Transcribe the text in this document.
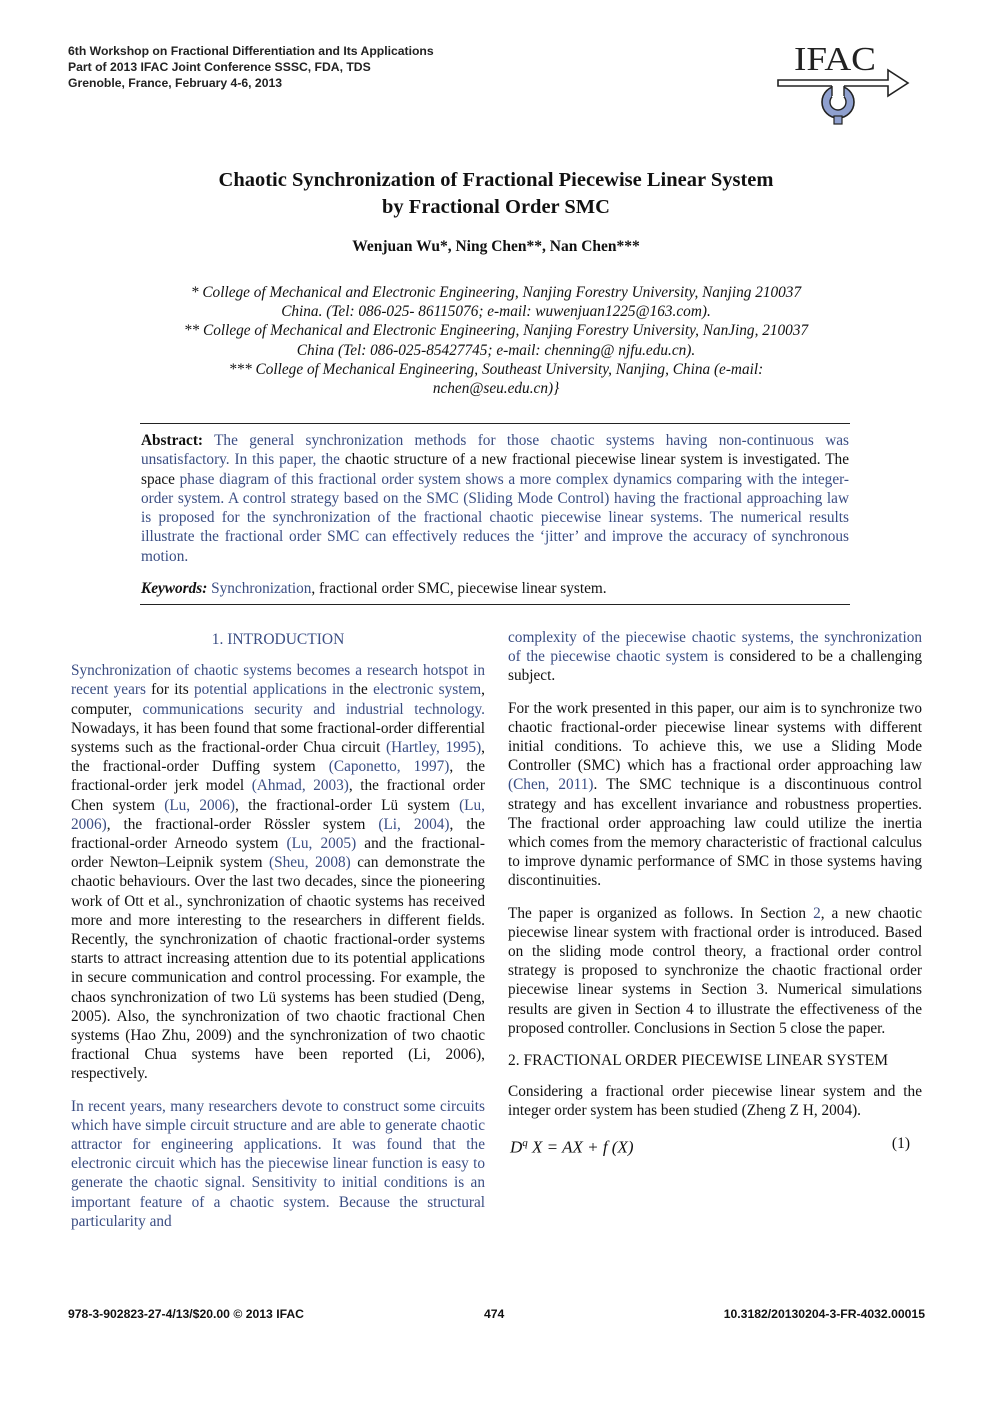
6th Workshop on Fractional Differentiation and Its Applications
Part of 2013 IFAC Joint Conference SSSC, FDA, TDS
Grenoble, France, February 4-6, 2013
IFAC
Chaotic Synchronization of Fractional Piecewise Linear System
by Fractional Order SMC
Wenjuan Wu*, Ning Chen**, Nan Chen***
* College of Mechanical and Electronic Engineering, Nanjing Forestry University, Nanjing 210037
China. (Tel: 086-025- 86115076; e-mail: wuwenjuan1225@163.com).
** College of Mechanical and Electronic Engineering, Nanjing Forestry University, NanJing, 210037
China (Tel: 086-025-85427745; e-mail: chenning@ njfu.edu.cn).
*** College of Mechanical Engineering, Southeast University, Nanjing, China (e-mail:
nchen@seu.edu.cn)}
Abstract: The general synchronization methods for those chaotic systems having non-continuous was unsatisfactory. In this paper, the chaotic structure of a new fractional piecewise linear system is investigated. The space phase diagram of this fractional order system shows a more complex dynamics comparing with the integer-order system. A control strategy based on the SMC (Sliding Mode Control) having the fractional approaching law is proposed for the synchronization of the fractional chaotic piecewise linear systems. The numerical results illustrate the fractional order SMC can effectively reduces the ‘jitter’ and improve the accuracy of synchronous motion.
Keywords: Synchronization, fractional order SMC, piecewise linear system.
1. INTRODUCTION

Synchronization of chaotic systems becomes a research hotspot in recent years for its potential applications in the electronic system, computer, communications security and industrial technology. Nowadays, it has been found that some fractional-order differential systems such as the fractional-order Chua circuit (Hartley, 1995), the fractional-order Duffing system (Caponetto, 1997), the fractional-order jerk model (Ahmad, 2003), the fractional order Chen system (Lu, 2006), the fractional-order Lü system (Lu, 2006), the fractional-order Rössler system (Li, 2004), the fractional-order Arneodo system (Lu, 2005) and the fractional-order Newton–Leipnik system (Sheu, 2008) can demonstrate the chaotic behaviours. Over the last two decades, since the pioneering work of Ott et al., synchronization of chaotic systems has received more and more interesting to the researchers in different fields. Recently, the synchronization of chaotic fractional-order systems starts to attract increasing attention due to its potential applications in secure communication and control processing. For example, the chaos synchronization of two Lü systems has been studied (Deng, 2005). Also, the synchronization of two chaotic fractional Chen systems (Hao Zhu, 2009) and the synchronization of two chaotic fractional Chua systems have been reported (Li, 2006), respectively.

In recent years, many researchers devote to construct some circuits which have simple circuit structure and are able to generate chaotic attractor for engineering applications. It was found that the electronic circuit which has the piecewise linear function is easy to generate the chaotic signal. Sensitivity to initial conditions is an important feature of a chaotic system. Because the structural particularity and

complexity of the piecewise chaotic systems, the synchronization of the piecewise chaotic system is considered to be a challenging subject.

For the work presented in this paper, our aim is to synchronize two chaotic fractional-order piecewise linear systems with different initial conditions. To achieve this, we use a Sliding Mode Controller (SMC) which has a fractional order approaching law (Chen, 2011). The SMC technique is a discontinuous control strategy and has excellent invariance and robustness properties. The fractional order approaching law could utilize the inertia which comes from the memory characteristic of fractional calculus to improve dynamic performance of SMC in those systems having discontinuities.

The paper is organized as follows. In Section 2, a new chaotic piecewise linear system with fractional order is introduced. Based on the sliding mode control theory, a fractional order control strategy is proposed to synchronize the chaotic fractional order piecewise linear systems in Section 3. Numerical simulations results are given in Section 4 to illustrate the effectiveness of the proposed controller. Conclusions in Section 5 close the paper.

2. FRACTIONAL ORDER PIECEWISE LINEAR SYSTEM

Considering a fractional order piecewise linear system and the integer order system has been studied (Zheng Z H, 2004).

$D^q$ X = AX + f (X)	(1)
978-3-902823-27-4/13/$20.00 © 2013 IFAC	474	10.3182/20130204-3-FR-4032.00015
